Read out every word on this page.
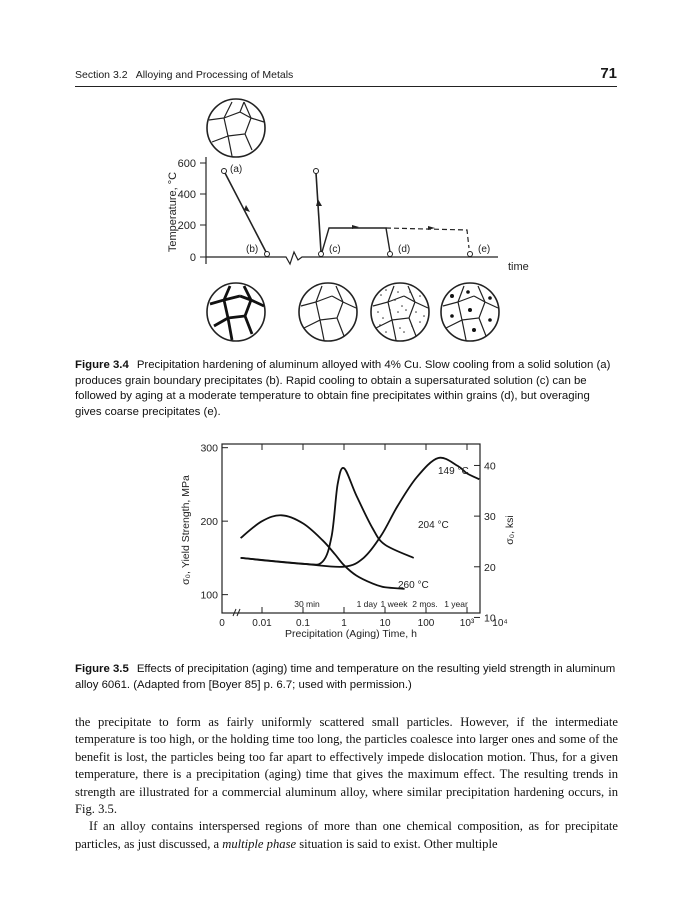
Section 3.2   Alloying and Processing of Metals	71
Temperature, °C
600
400
200
0
time
(a)
(b)	(c)	(d)	(e)
Figure 3.4 Precipitation hardening of aluminum alloyed with 4% Cu. Slow cooling from a solid solution (a) produces grain boundary precipitates (b). Rapid cooling to obtain a supersaturated solution (c) can be followed by aging at a moderate temperature to obtain fine precipitates within grains (d), but overaging gives coarse precipitates (e).
σ₀, Yield Strength, MPa	σ₀, ksi
Precipitation (Aging) Time, h
100
200
300
10
20
30
40
0	0.01 0.1	1	10	100	10³ 10⁴
149 °C
204 °C
260 °C
30 min	1 day 1 week 2 mos. 1 year
Figure 3.5 Effects of precipitation (aging) time and temperature on the resulting yield strength in aluminum alloy 6061. (Adapted from [Boyer 85] p. 6.7; used with permission.)

the precipitate to form as fairly uniformly scattered small particles. However, if the intermediate temperature is too high, or the holding time too long, the particles coalesce into larger ones and some of the benefit is lost, the particles being too far apart to effectively impede dislocation motion. Thus, for a given temperature, there is a precipitation (aging) time that gives the maximum effect. The resulting trends in strength are illustrated for a commercial aluminum alloy, where similar precipitation hardening occurs, in Fig. 3.5.

If an alloy contains interspersed regions of more than one chemical composition, as for precipitate particles, as just discussed, a multiple phase situation is said to exist. Other multiple
